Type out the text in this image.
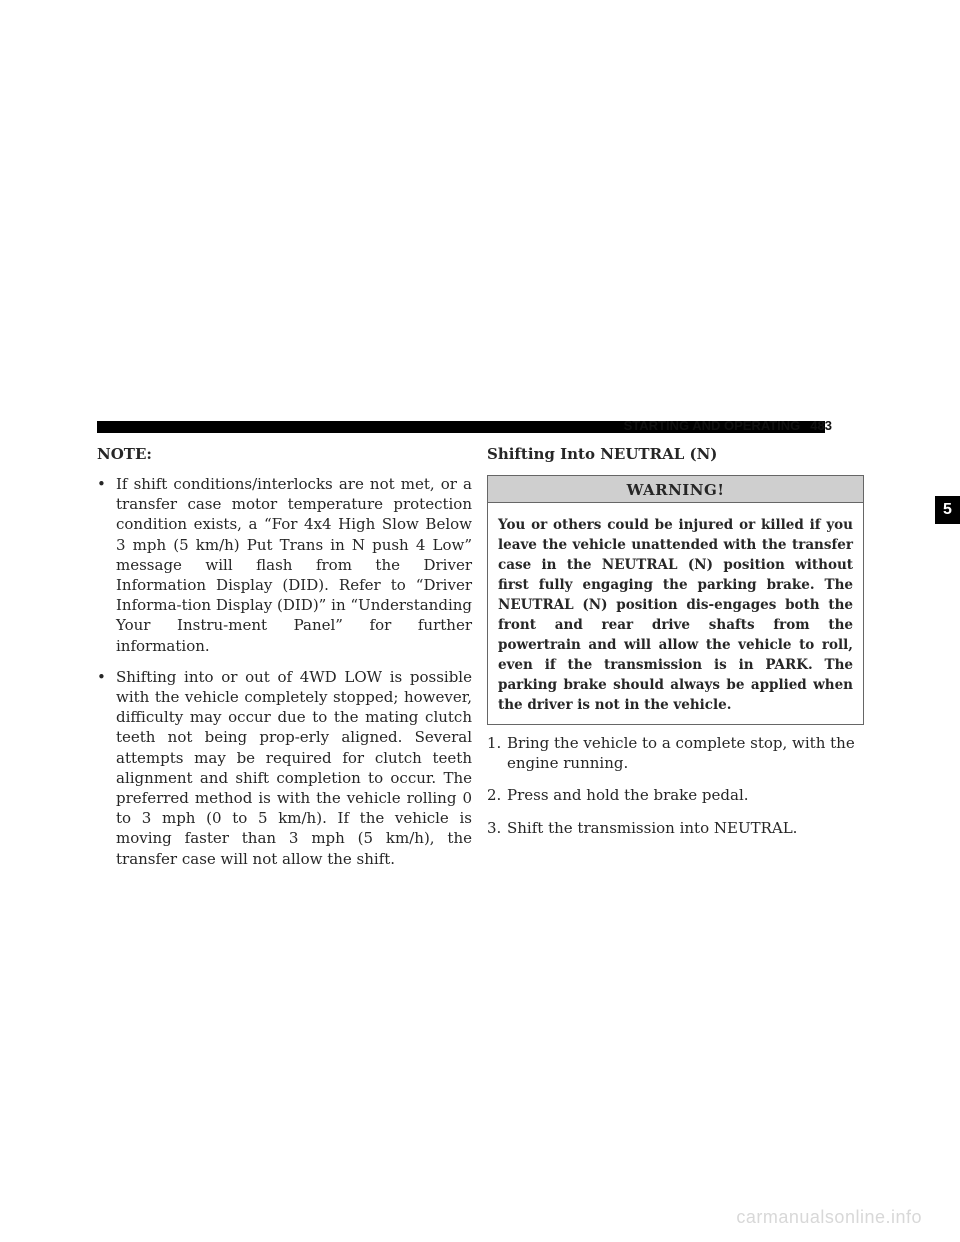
STARTING AND OPERATING 483
NOTE:
• If shift conditions/interlocks are not met, or a transfer case motor temperature protection condition exists, a “For 4x4 High Slow Below 3 mph (5 km/h) Put Trans in N push 4 Low” message will flash from the Driver Information Display (DID). Refer to “Driver Informa-tion Display (DID)” in “Understanding Your Instru-ment Panel” for further information.
• Shifting into or out of 4WD LOW is possible with the vehicle completely stopped; however, difficulty may occur due to the mating clutch teeth not being prop-erly aligned. Several attempts may be required for clutch teeth alignment and shift completion to occur. The preferred method is with the vehicle rolling 0 to 3 mph (0 to 5 km/h). If the vehicle is moving faster than 3 mph (5 km/h), the transfer case will not allow the shift.
Shifting Into NEUTRAL (N)
WARNING!
You or others could be injured or killed if you leave the vehicle unattended with the transfer case in the NEUTRAL (N) position without first fully engaging the parking brake. The NEUTRAL (N) position dis-engages both the front and rear drive shafts from the powertrain and will allow the vehicle to roll, even if the transmission is in PARK. The parking brake should always be applied when the driver is not in the vehicle.
1. Bring the vehicle to a complete stop, with the engine running.
2. Press and hold the brake pedal.
3. Shift the transmission into NEUTRAL.
5
carmanualsonline.info
